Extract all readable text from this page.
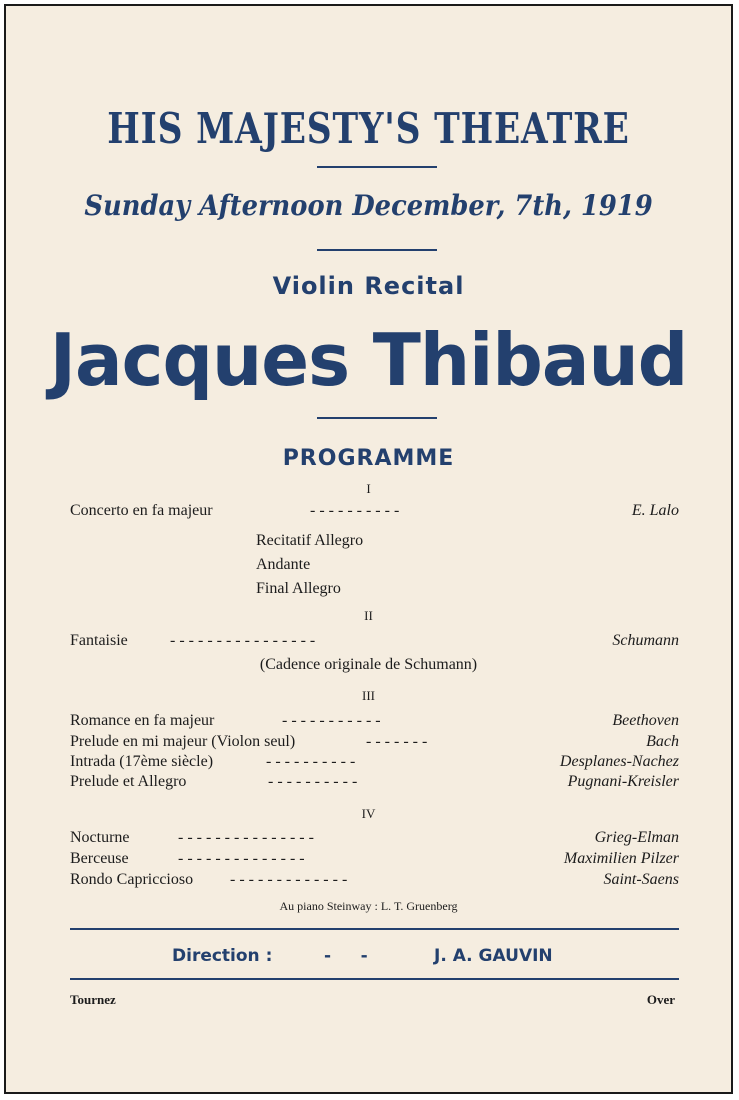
HIS MAJESTY'S THEATRE
Sunday Afternoon December, 7th, 1919
Violin Recital
Jacques Thibaud
PROGRAMME
I
Concerto en fa majeur	- - - - - - - - - -	E. Lalo
Recitatif Allegro
Andante
Final Allegro
II
Fantaisie	- - - - - - - - - - - - - - - -	Schumann
(Cadence originale de Schumann)
III
Romance en fa majeur	- - - - - - - - - - -	Beethoven
Prelude en mi majeur (Violon seul)	- - - - - - -	Bach
Intrada (17ème siècle)	- - - - - - - - - -	Desplanes-Nachez
Prelude et Allegro	- - - - - - - - - -	Pugnani-Kreisler
IV
Nocturne	- - - - - - - - - - - - - - -	Grieg-Elman
Berceuse	- - - - - - - - - - - - - -	Maximilien Pilzer
Rondo Capriccioso - - - - - - - - - - - - -	Saint-Saens
Au piano Steinway : L. T. Gruenberg
Direction :	-     -	J. A. GAUVIN
Tournez	Over
